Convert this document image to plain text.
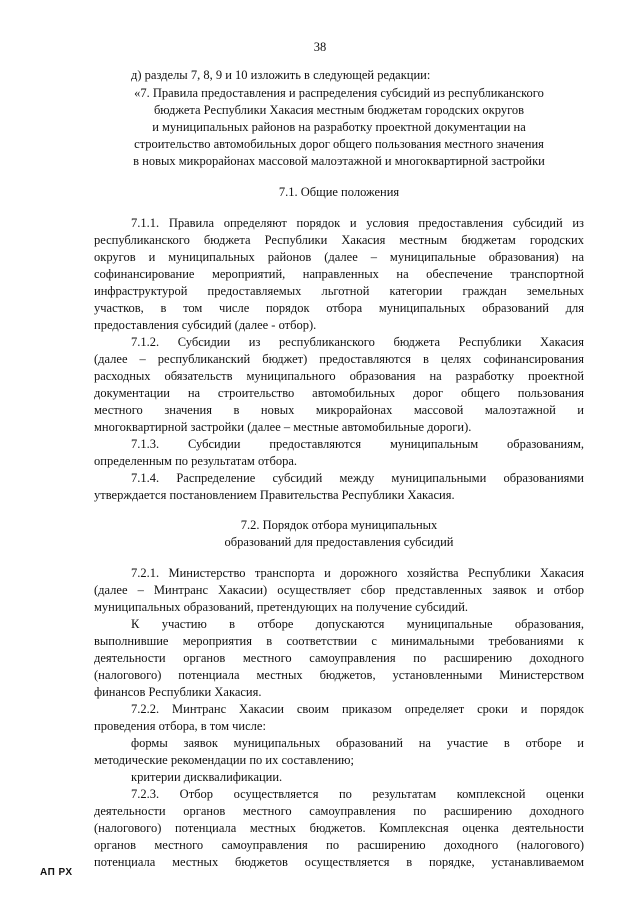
38
д) разделы 7, 8, 9 и 10 изложить в следующей редакции:
«7. Правила предоставления и распределения субсидий из республиканского
бюджета Республики Хакасия местным бюджетам городских округов
и муниципальных районов на разработку проектной документации на
строительство автомобильных дорог общего пользования местного значения
в новых микрорайонах массовой малоэтажной и многоквартирной застройки
7.1. Общие положения
7.1.1. Правила определяют порядок и условия предоставления субсидий из
республиканского бюджета Республики Хакасия местным бюджетам городских
округов и муниципальных районов (далее – муниципальные образования) на
софинансирование мероприятий, направленных на обеспечение транспортной
инфраструктурой предоставляемых льготной категории граждан земельных
участков, в том числе порядок отбора муниципальных образований для
предоставления субсидий (далее - отбор).
7.1.2. Субсидии из республиканского бюджета Республики Хакасия
(далее – республиканский бюджет) предоставляются в целях софинансирования
расходных обязательств муниципального образования на разработку проектной
документации на строительство автомобильных дорог общего пользования
местного значения в новых микрорайонах массовой малоэтажной и
многоквартирной застройки (далее – местные автомобильные дороги).
7.1.3. Субсидии предоставляются муниципальным образованиям,
определенным по результатам отбора.
7.1.4. Распределение субсидий между муниципальными образованиями
утверждается постановлением Правительства Республики Хакасия.
7.2. Порядок отбора муниципальных
образований для предоставления субсидий
7.2.1. Министерство транспорта и дорожного хозяйства Республики Хакасия
(далее – Минтранс Хакасии) осуществляет сбор представленных заявок и отбор
муниципальных образований, претендующих на получение субсидий.
К участию в отборе допускаются муниципальные образования,
выполнившие мероприятия в соответствии с минимальными требованиями к
деятельности органов местного самоуправления по расширению доходного
(налогового) потенциала местных бюджетов, установленными Министерством
финансов Республики Хакасия.
7.2.2. Минтранс Хакасии своим приказом определяет сроки и порядок
проведения отбора, в том числе:
формы заявок муниципальных образований на участие в отборе и
методические рекомендации по их составлению;
критерии дисквалификации.
7.2.3. Отбор осуществляется по результатам комплексной оценки
деятельности органов местного самоуправления по расширению доходного
(налогового) потенциала местных бюджетов. Комплексная оценка деятельности
органов местного самоуправления по расширению доходного (налогового)
потенциала местных бюджетов осуществляется в порядке, устанавливаемом
АП РХ
